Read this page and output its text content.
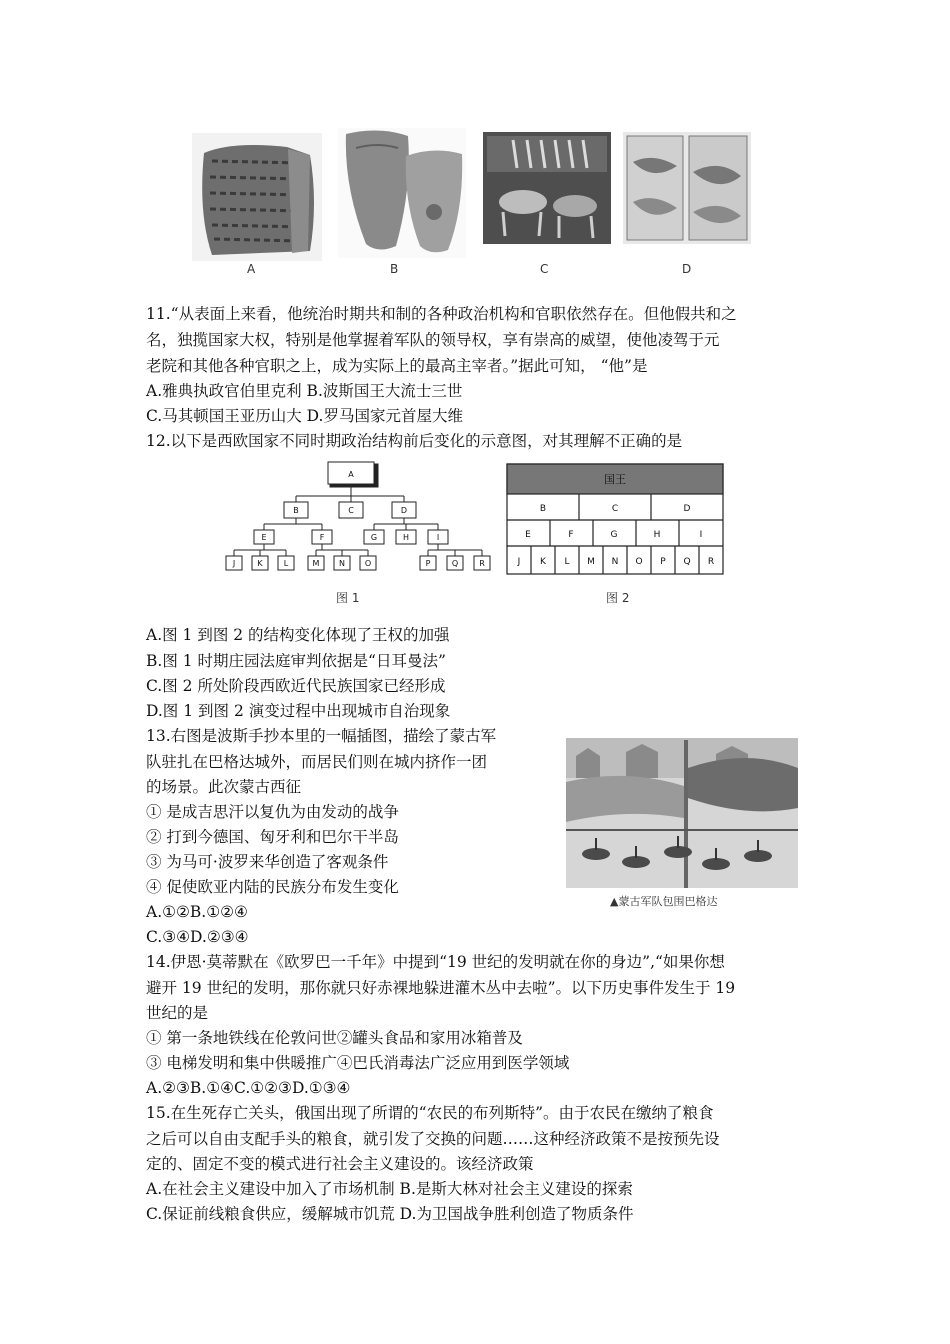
A	B	C	D
11.“从表面上来看，他统治时期共和制的各种政治机构和官职依然存在。但他假共和之
名，独揽国家大权，特别是他掌握着军队的领导权，享有崇高的威望，使他凌驾于元
老院和其他各种官职之上，成为实际上的最高主宰者。”据此可知， “他”是
A.雅典执政官伯里克利 B.波斯国王大流士三世
C.马其顿国王亚历山大 D.罗马国家元首屋大维
12.以下是西欧国家不同时期政治结构前后变化的示意图，对其理解不正确的是
A
B	C	D
E	F	G	H	I
J	K	L	M N O	P	Q	R
图 1
国王
B	C	D
E	F	G	H	I
J K L M N O P Q R
图 2
A.图 1 到图 2 的结构变化体现了王权的加强
B.图 1 时期庄园法庭审判依据是“日耳曼法”
C.图 2 所处阶段西欧近代民族国家已经形成
D.图 1 到图 2 演变过程中出现城市自治现象
13.右图是波斯手抄本里的一幅插图，描绘了蒙古军
队驻扎在巴格达城外，而居民们则在城内挤作一团
的场景。此次蒙古西征
① 是成吉思汗以复仇为由发动的战争
② 打到今德国、匈牙利和巴尔干半岛
③ 为马可·波罗来华创造了客观条件
④ 促使欧亚内陆的民族分布发生变化
A.①②B.①②④
C.③④D.②③④
▲蒙古军队包围巴格达
14.伊恩·莫蒂默在《欧罗巴一千年》中提到“19 世纪的发明就在你的身边”,“如果你想
避开 19 世纪的发明，那你就只好赤裸地躲进灌木丛中去啦”。以下历史事件发生于 19
世纪的是
① 第一条地铁线在伦敦问世②罐头食品和家用冰箱普及
③ 电梯发明和集中供暖推广④巴氏消毒法广泛应用到医学领域
A.②③B.①④C.①②③D.①③④
15.在生死存亡关头，俄国出现了所谓的“农民的布列斯特”。由于农民在缴纳了粮食
之后可以自由支配手头的粮食，就引发了交换的问题……这种经济政策不是按预先设
定的、固定不变的模式进行社会主义建设的。该经济政策
A.在社会主义建设中加入了市场机制 B.是斯大林对社会主义建设的探索
C.保证前线粮食供应，缓解城市饥荒 D.为卫国战争胜利创造了物质条件
